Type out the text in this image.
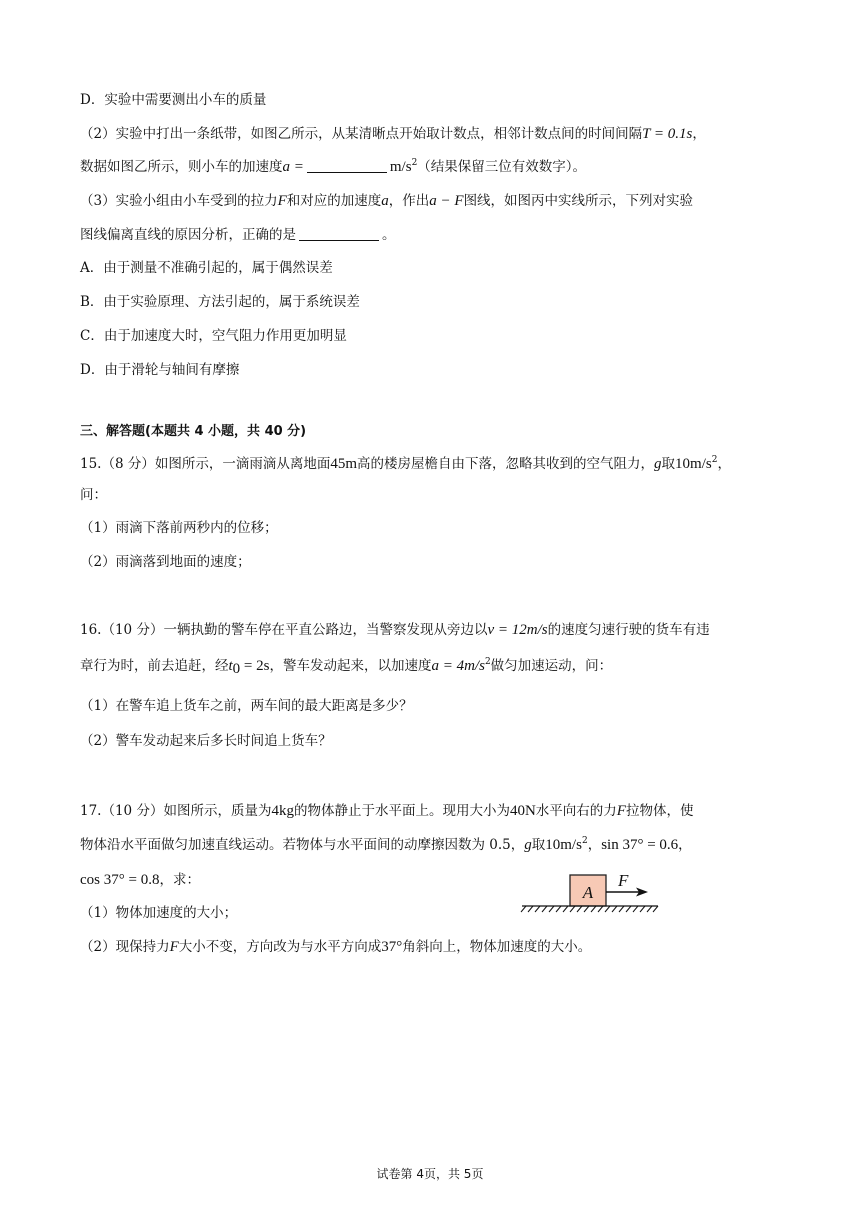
D．实验中需要测出小车的质量
（2）实验中打出一条纸带，如图乙所示，从某清晰点开始取计数点，相邻计数点间的时间间隔T = 0.1s，
数据如图乙所示，则小车的加速度a =	$m/s^2$（结果保留三位有效数字）。
（3）实验小组由小车受到的拉力F和对应的加速度a，作出a − F图线，如图丙中实线所示，下列对实验
图线偏离直线的原因分析，正确的是	。
A．由于测量不准确引起的，属于偶然误差
B．由于实验原理、方法引起的，属于系统误差
C．由于加速度大时，空气阻力作用更加明显
D．由于滑轮与轴间有摩擦
三、解答题(本题共 4 小题，共 40 分)
15.（8 分）如图所示，一滴雨滴从离地面45m高的楼房屋檐自由下落，忽略其收到的空气阻力，g取$10m/s^2$，
问：
（1）雨滴下落前两秒内的位移；
（2）雨滴落到地面的速度；
16.（10 分）一辆执勤的警车停在平直公路边，当警察发现从旁边以v = 12m/s的速度匀速行驶的货车有违
章行为时，前去追赶，经$t_0 = 2s$，警车发动起来，以加速度$a = 4m/s^2$做匀加速运动，问：
（1）在警车追上货车之前，两车间的最大距离是多少？
（2）警车发动起来后多长时间追上货车？
17.（10 分）如图所示，质量为4kg的物体静止于水平面上。现用大小为40N水平向右的力F拉物体，使
物体沿水平面做匀加速直线运动。若物体与水平面间的动摩擦因数为 0.5，g取$10m/s^2$，sin 37° = 0.6，
cos 37° = 0.8，求：
（1）物体加速度的大小；
（2）现保持力F大小不变，方向改为与水平方向成37°角斜向上，物体加速度的大小。
A
F
试卷第 4页，共 5页
